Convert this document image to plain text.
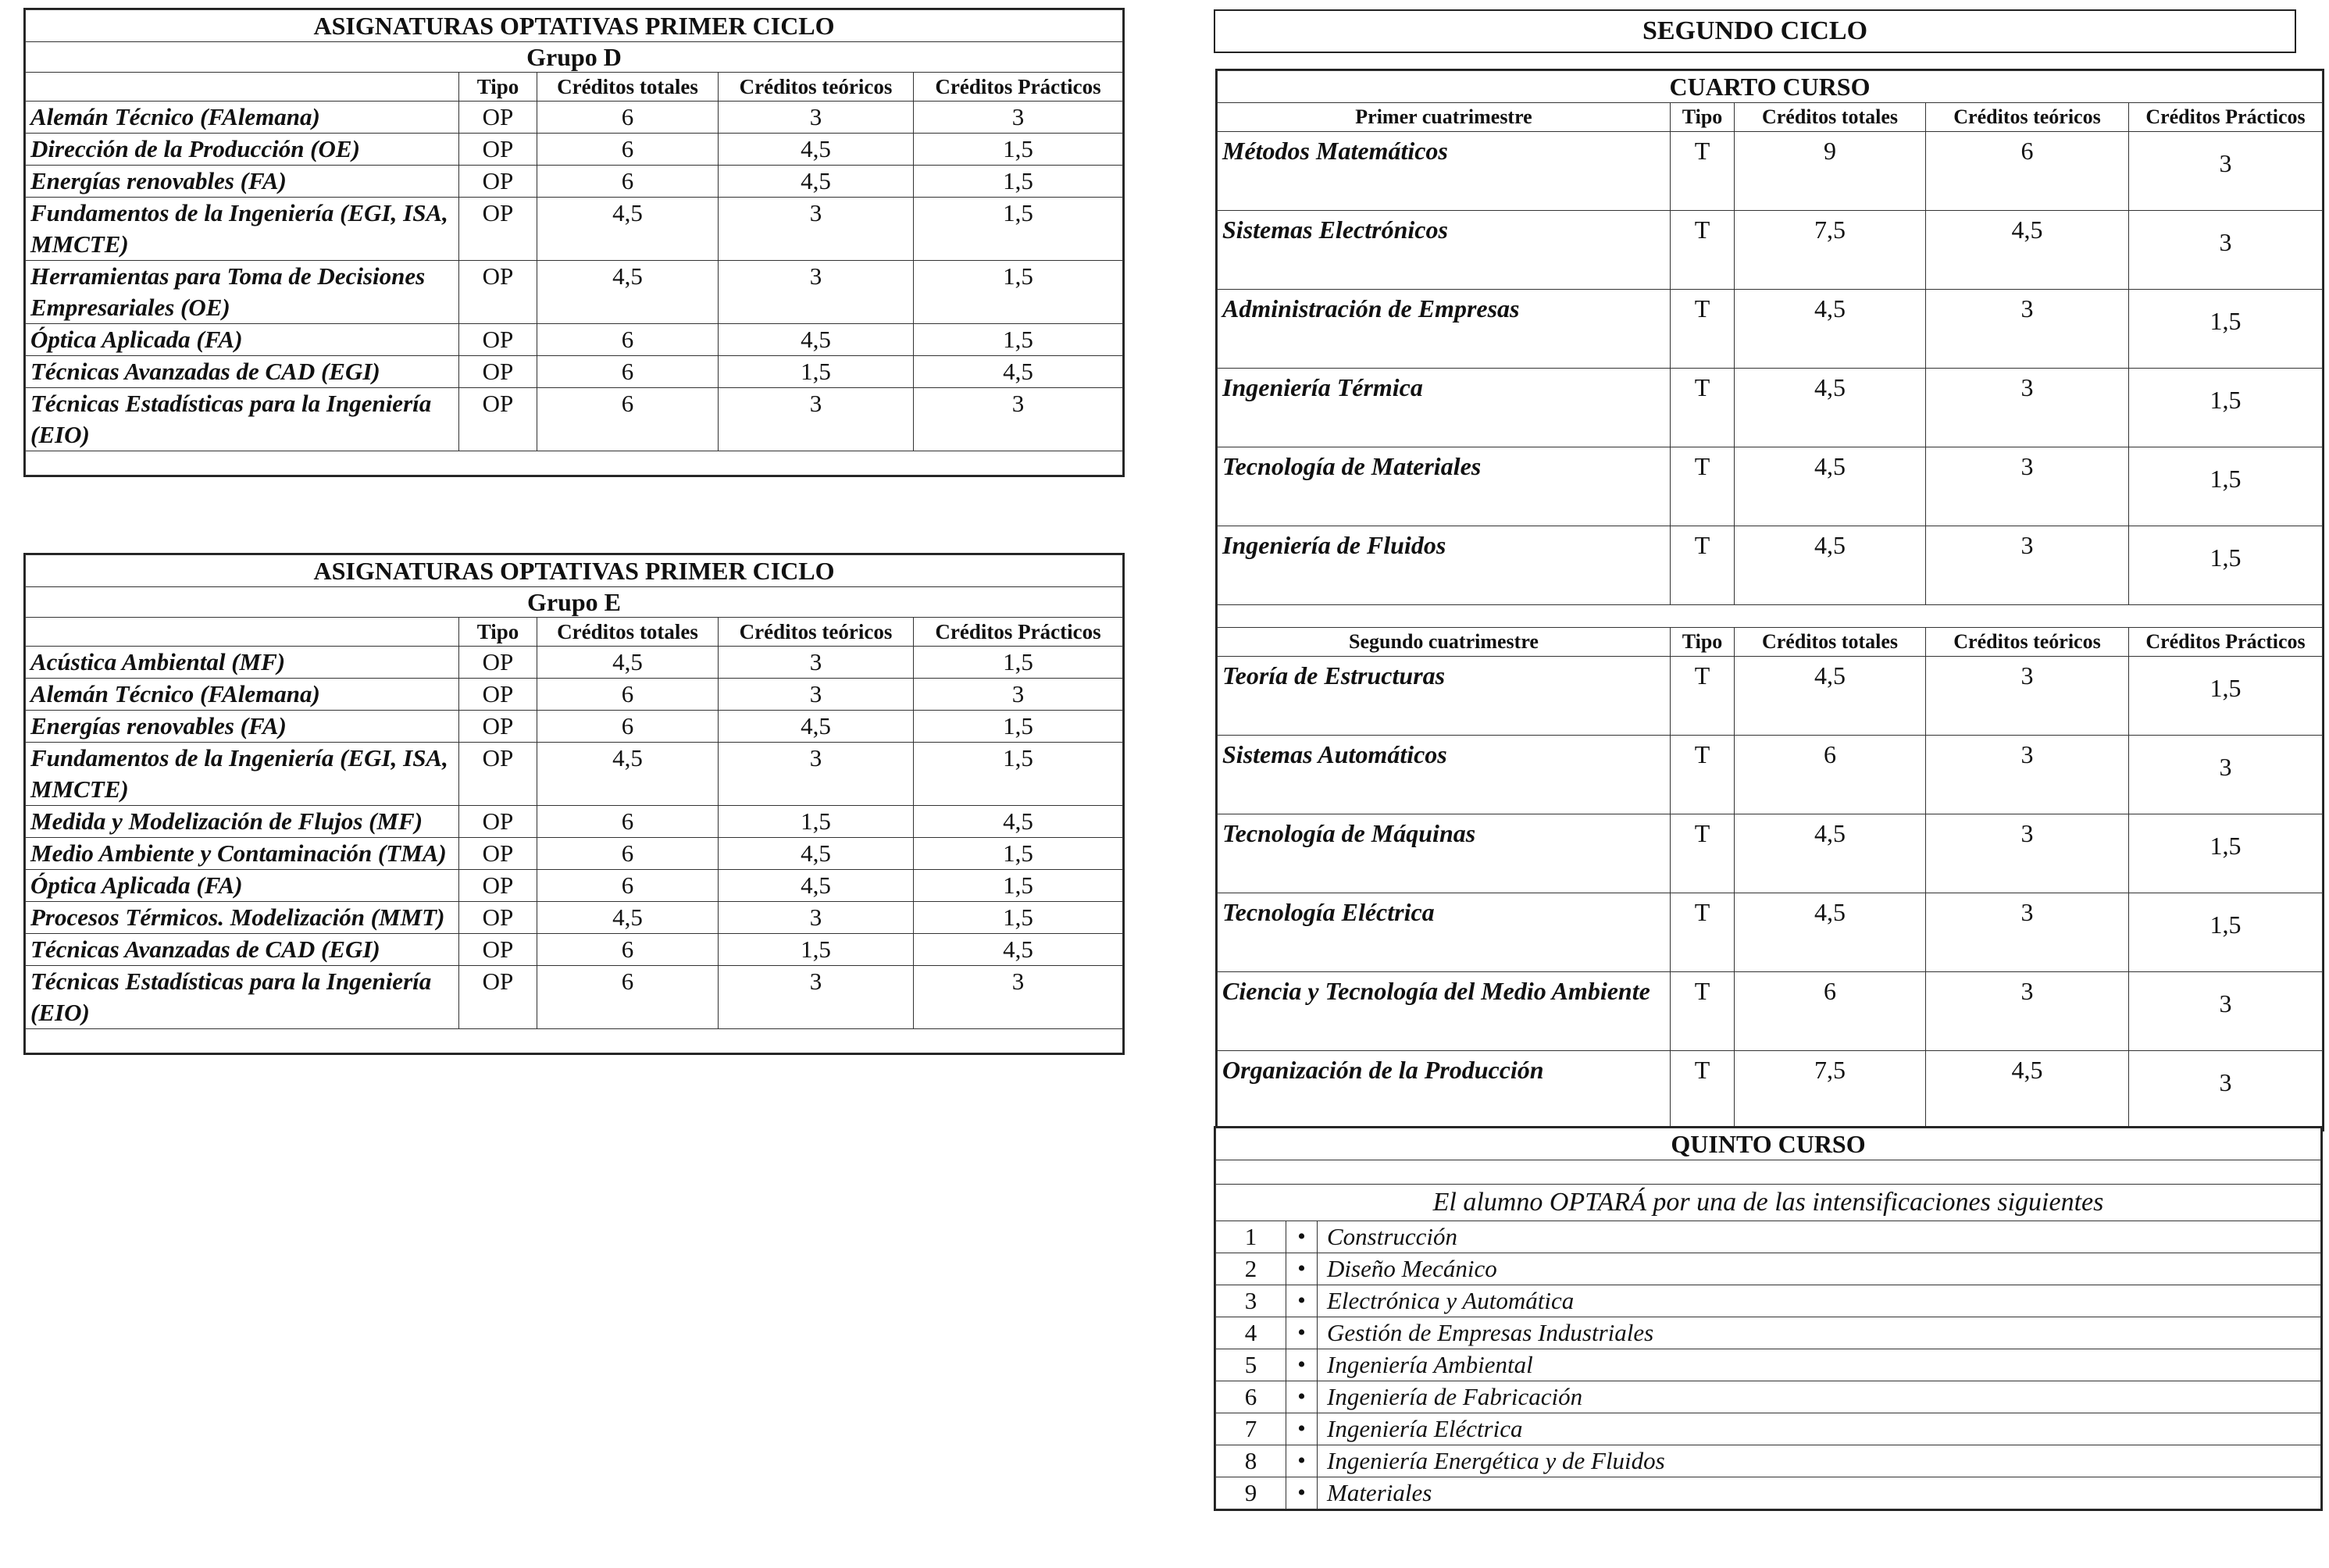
ASIGNATURAS OPTATIVAS PRIMER CICLO				
Grupo D				
	Tipo	Créditos totales	Créditos teóricos	Créditos Prácticos
Alemán Técnico (FAlemana)	OP	6	3	3
Dirección de la Producción (OE)	OP	6	4,5	1,5
Energías renovables (FA)	OP	6	4,5	1,5
Fundamentos de la Ingeniería (EGI, ISA, MMCTE)	OP	4,5	3	1,5
Herramientas para Toma de Decisiones Empresariales (OE)	OP	4,5	3	1,5
Óptica Aplicada (FA)	OP	6	4,5	1,5
Técnicas Avanzadas de CAD (EGI)	OP	6	1,5	4,5
Técnicas Estadísticas para la Ingeniería (EIO)	OP	6	3	3

ASIGNATURAS OPTATIVAS PRIMER CICLO				
Grupo E				
	Tipo	Créditos totales	Créditos teóricos	Créditos Prácticos
Acústica Ambiental (MF)	OP	4,5	3	1,5
Alemán Técnico (FAlemana)	OP	6	3	3
Energías renovables (FA)	OP	6	4,5	1,5
Fundamentos de la Ingeniería (EGI, ISA, MMCTE)	OP	4,5	3	1,5
Medida y Modelización de Flujos (MF)	OP	6	1,5	4,5
Medio Ambiente y Contaminación (TMA)	OP	6	4,5	1,5
Óptica Aplicada (FA)	OP	6	4,5	1,5
Procesos Térmicos. Modelización (MMT)	OP	4,5	3	1,5
Técnicas Avanzadas de CAD (EGI)	OP	6	1,5	4,5
Técnicas Estadísticas para la Ingeniería (EIO)	OP	6	3	3

SEGUNDO CICLO
CUARTO CURSO				
Primer cuatrimestre	Tipo	Créditos totales	Créditos teóricos	Créditos Prácticos
Métodos Matemáticos	T	9	6	3
Sistemas Electrónicos	T	7,5	4,5	3
Administración de Empresas	T	4,5	3	1,5
Ingeniería Térmica	T	4,5	3	1,5
Tecnología de Materiales	T	4,5	3	1,5
Ingeniería de Fluidos	T	4,5	3	1,5

Segundo cuatrimestre	Tipo	Créditos totales	Créditos teóricos	Créditos Prácticos
Teoría de Estructuras	T	4,5	3	1,5
Sistemas Automáticos	T	6	3	3
Tecnología de Máquinas	T	4,5	3	1,5
Tecnología Eléctrica	T	4,5	3	1,5
Ciencia y Tecnología del Medio Ambiente	T	6	3	3
Organización de la Producción	T	7,5	4,5	3
QUINTO CURSO		

El alumno OPTARÁ por una de las intensificaciones siguientes		
1	•	Construcción
2	•	Diseño Mecánico
3	•	Electrónica y Automática
4	•	Gestión de Empresas Industriales
5	•	Ingeniería Ambiental
6	•	Ingeniería de Fabricación
7	•	Ingeniería Eléctrica
8	•	Ingeniería Energética y de Fluidos
9	•	Materiales
